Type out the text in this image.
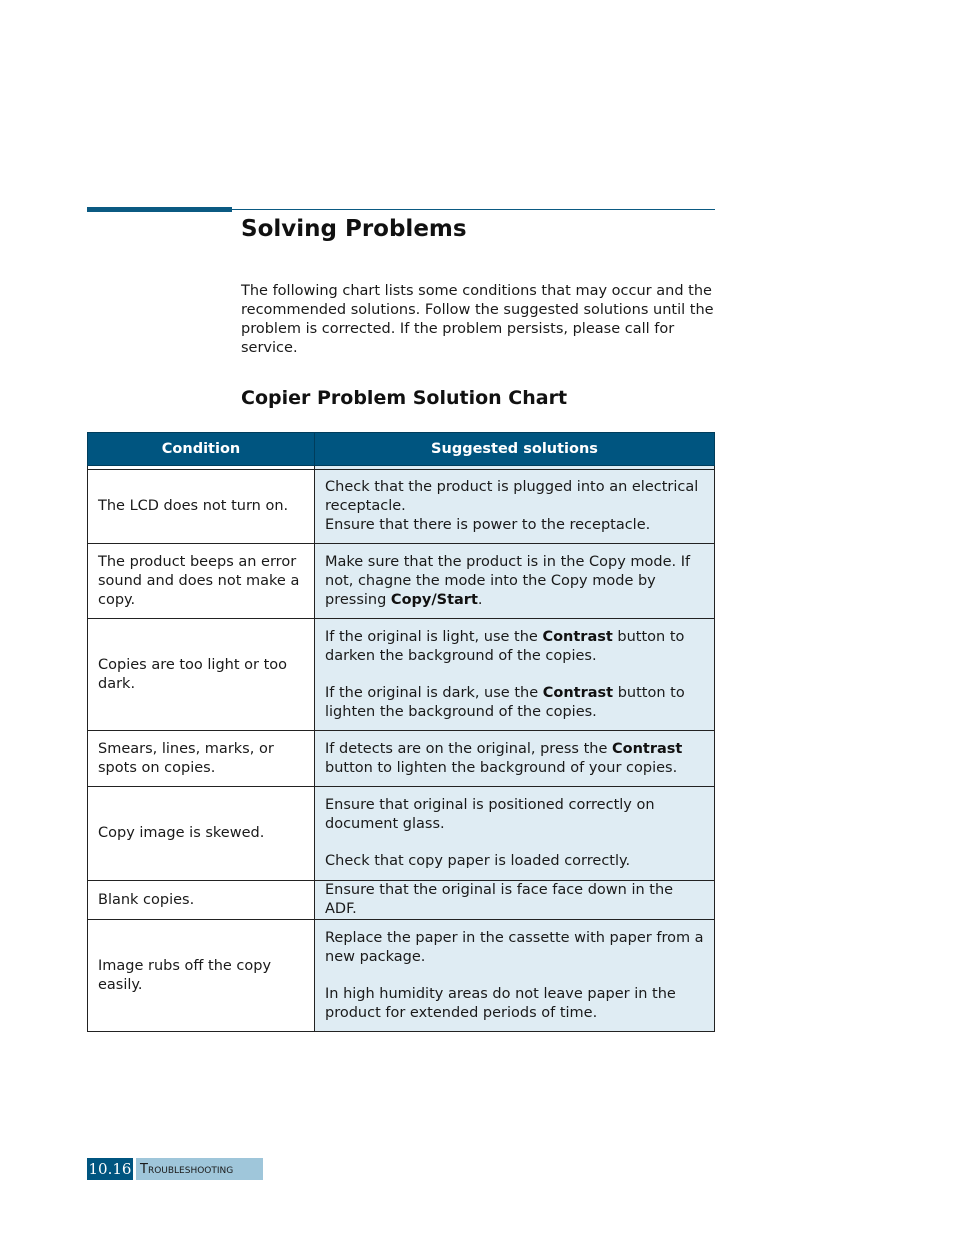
Solving Problems

The following chart lists some conditions that may occur and the recommended solutions. Follow the suggested solutions until the problem is corrected. If the problem persists, please call for service.

Copier Problem Solution Chart
Condition	Suggested solutions

The LCD does not turn on.	Check that the product is plugged into an electrical receptacle.
Ensure that there is power to the receptacle.

The product beeps an error sound and does not make a copy.	Make sure that the product is in the Copy mode. If not, chagne the mode into the Copy mode by pressing Copy/Start.
Copies are too light or too dark.	If the original is light, use the Contrast button to darken the background of the copies.
If the original is dark, use the Contrast button to lighten the background of the copies.

Smears, lines, marks, or spots on copies.	If detects are on the original, press the Contrast button to lighten the background of your copies.
Copy image is skewed.	Ensure that original is positioned correctly on document glass.
Check that copy paper is loaded correctly.

Blank copies.	Ensure that the original is face face down in the ADF.
Image rubs off the copy easily.	Replace the paper in the cassette with paper from a new package.
In high humidity areas do not leave paper in the product for extended periods of time.
10.16 Troubleshooting
